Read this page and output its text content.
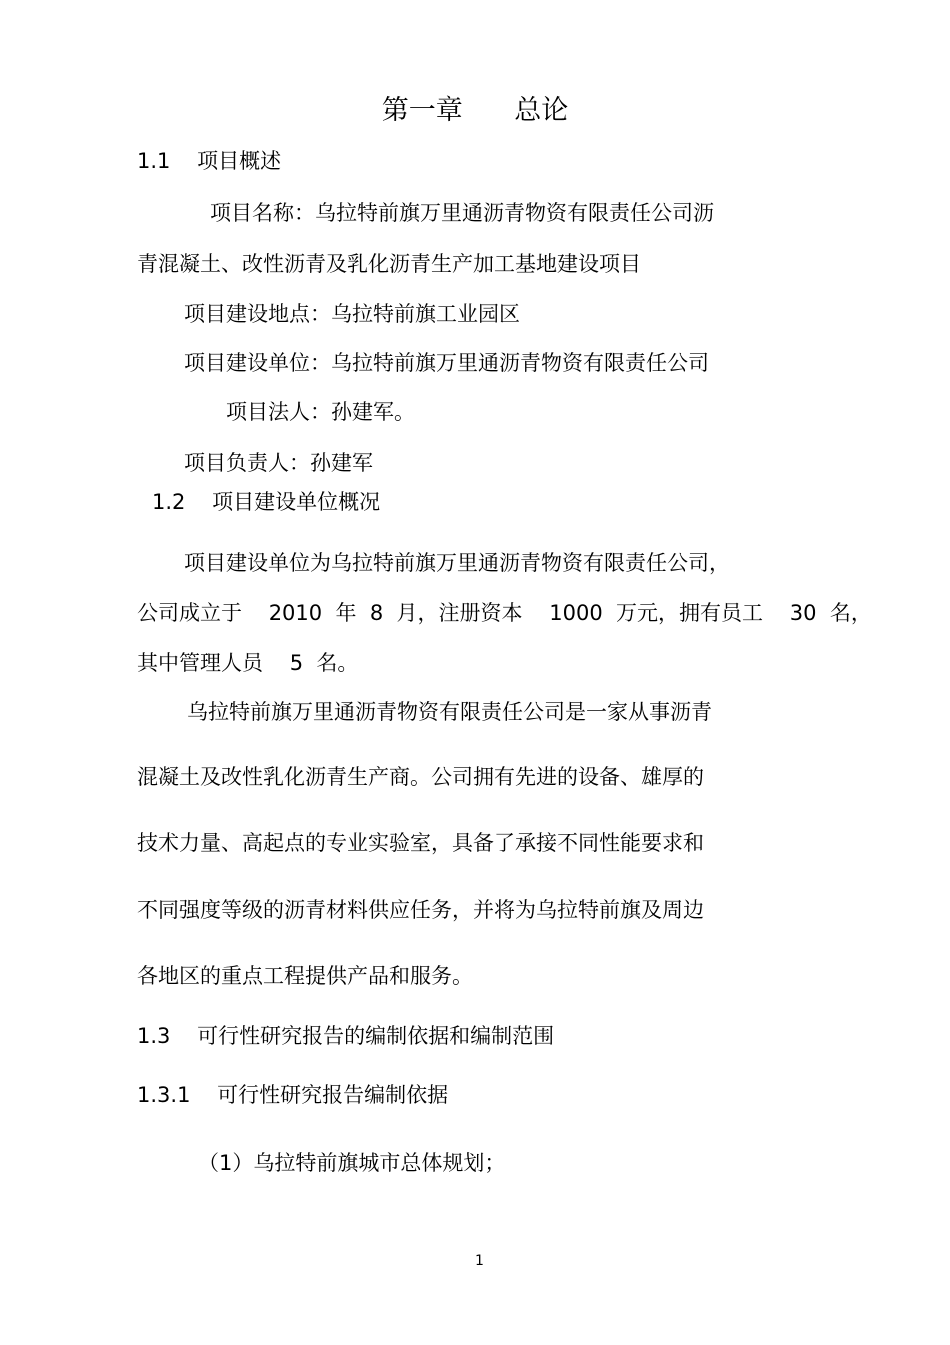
第一章      总论

1.1    项目概述

项目名称：乌拉特前旗万里通沥青物资有限责任公司沥

青混凝土、改性沥青及乳化沥青生产加工基地建设项目

项目建设地点：乌拉特前旗工业园区

项目建设单位：乌拉特前旗万里通沥青物资有限责任公司

项目法人：孙建军。

项目负责人：孙建军

1.2    项目建设单位概况

项目建设单位为乌拉特前旗万里通沥青物资有限责任公司，

公司成立于    2010  年  8  月，注册资本    1000  万元，拥有员工    30  名，

其中管理人员    5  名。

乌拉特前旗万里通沥青物资有限责任公司是一家从事沥青

混凝土及改性乳化沥青生产商。公司拥有先进的设备、雄厚的

技术力量、高起点的专业实验室，具备了承接不同性能要求和

不同强度等级的沥青材料供应任务，并将为乌拉特前旗及周边

各地区的重点工程提供产品和服务。

1.3    可行性研究报告的编制依据和编制范围

1.3.1    可行性研究报告编制依据

（1）乌拉特前旗城市总体规划；

1
